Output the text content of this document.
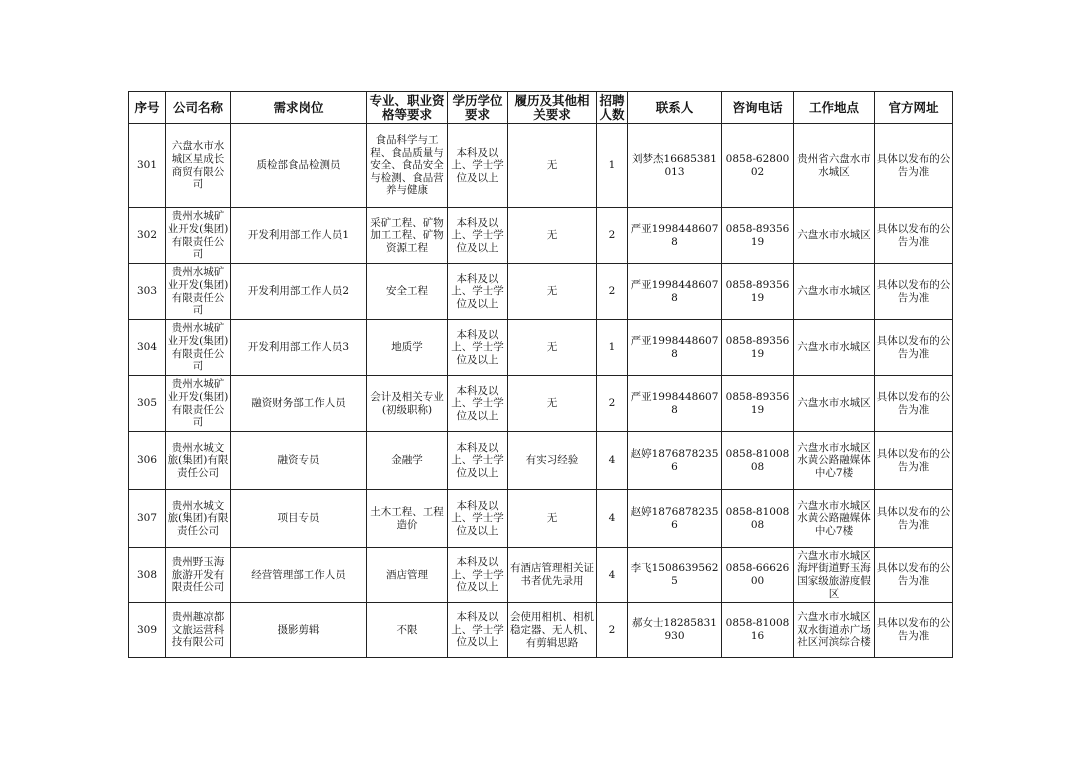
序号	公司名称	需求岗位	专业、职业资格等要求	学历学位要求	履历及其他相关要求	招聘人数	联系人	咨询电话	工作地点	官方网址
301	六盘水市水城区星成长商贸有限公司	质检部食品检测员	食品科学与工程、食品质量与安全、食品安全与检测、食品营养与健康	本科及以上、学士学位及以上	无	1	刘梦杰16685381013	0858-6280002	贵州省六盘水市水城区	具体以发布的公告为准
302	贵州水城矿业开发(集团)有限责任公司	开发利用部工作人员1	采矿工程、矿物加工工程、矿物资源工程	本科及以上、学士学位及以上	无	2	严亚19984486078	0858-8935619	六盘水市水城区	具体以发布的公告为准
303	贵州水城矿业开发(集团)有限责任公司	开发利用部工作人员2	安全工程	本科及以上、学士学位及以上	无	2	严亚19984486078	0858-8935619	六盘水市水城区	具体以发布的公告为准
304	贵州水城矿业开发(集团)有限责任公司	开发利用部工作人员3	地质学	本科及以上、学士学位及以上	无	1	严亚19984486078	0858-8935619	六盘水市水城区	具体以发布的公告为准
305	贵州水城矿业开发(集团)有限责任公司	融资财务部工作人员	会计及相关专业(初级职称)	本科及以上、学士学位及以上	无	2	严亚19984486078	0858-8935619	六盘水市水城区	具体以发布的公告为准
306	贵州水城文旅(集团)有限责任公司	融资专员	金融学	本科及以上、学士学位及以上	有实习经验	4	赵婷18768782356	0858-8100808	六盘水市水城区水黄公路融媒体中心7楼	具体以发布的公告为准
307	贵州水城文旅(集团)有限责任公司	项目专员	土木工程、工程造价	本科及以上、学士学位及以上	无	4	赵婷18768782356	0858-8100808	六盘水市水城区水黄公路融媒体中心7楼	具体以发布的公告为准
308	贵州野玉海旅游开发有限责任公司	经营管理部工作人员	酒店管理	本科及以上、学士学位及以上	有酒店管理相关证书者优先录用	4	李飞15086395625	0858-6662600	六盘水市水城区海坪街道野玉海国家级旅游度假区	具体以发布的公告为准
309	贵州趣凉都文旅运营科技有限公司	摄影剪辑	不限	本科及以上、学士学位及以上	会使用相机、相机稳定器、无人机、有剪辑思路	2	郝女士18285831930	0858-8100816	六盘水市水城区双水街道赤广场社区河滨综合楼	具体以发布的公告为准
